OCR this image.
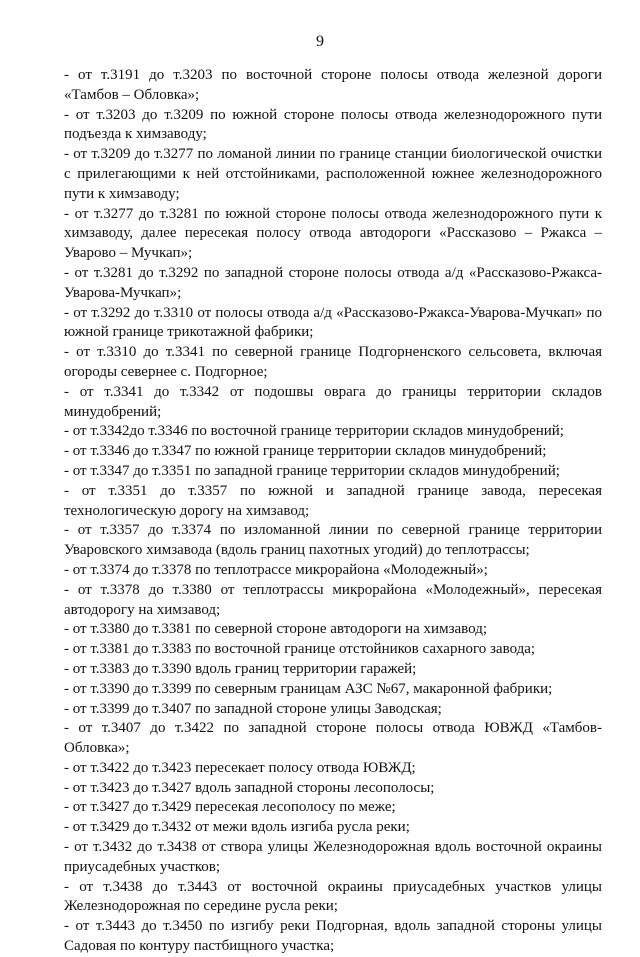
9

- от т.3191 до т.3203 по восточной стороне полосы отвода железной дороги «Тамбов – Обловка»;

- от т.3203 до т.3209 по южной стороне полосы отвода железнодорожного пути подъезда к химзаводу;

- от т.3209 до т.3277 по ломаной линии по границе станции биологической очистки с прилегающими к ней отстойниками, расположенной южнее железнодорожного пути к химзаводу;

- от т.3277 до т.3281 по южной стороне полосы отвода железнодорожного пути к химзаводу, далее пересекая полосу отвода автодороги «Рассказово – Ржакса – Уварово – Мучкап»;

- от т.3281 до т.3292 по западной стороне полосы отвода а/д «Рассказово-Ржакса-Уварова-Мучкап»;

- от т.3292 до т.3310 от полосы отвода а/д «Рассказово-Ржакса-Уварова-Мучкап» по южной границе трикотажной фабрики;

- от т.3310 до т.3341 по северной границе Подгорненского сельсовета, включая огороды севернее с. Подгорное;

- от т.3341 до т.3342 от подошвы оврага до границы территории складов минудобрений;

- от т.3342до т.3346 по восточной границе территории складов минудобрений;

- от т.3346 до т.3347 по южной границе территории складов минудобрений;

- от т.3347 до т.3351 по западной границе территории складов минудобрений;

- от т.3351 до т.3357 по южной и западной границе завода, пересекая технологическую дорогу на химзавод;

- от т.3357 до т.3374 по изломанной линии по северной границе территории Уваровского химзавода (вдоль границ пахотных угодий) до теплотрассы;

- от т.3374 до т.3378 по теплотрассе микрорайона «Молодежный»;

- от т.3378 до т.3380 от теплотрассы микрорайона «Молодежный», пересекая автодорогу на химзавод;

- от т.3380 до т.3381 по северной стороне автодороги на химзавод;

- от т.3381 до т.3383 по восточной границе отстойников сахарного завода;

- от т.3383 до т.3390 вдоль границ территории гаражей;

- от т.3390 до т.3399 по северным границам АЗС №67, макаронной фабрики;

- от т.3399 до т.3407 по западной стороне улицы Заводская;

- от т.3407 до т.3422 по западной стороне полосы отвода ЮВЖД «Тамбов-Обловка»;

- от т.3422 до т.3423 пересекает полосу отвода ЮВЖД;

- от т.3423 до т.3427 вдоль западной стороны лесополосы;

- от т.3427 до т.3429 пересекая лесополосу по меже;

- от т.3429 до т.3432 от межи вдоль изгиба русла реки;

- от т.3432 до т.3438 от створа улицы Железнодорожная вдоль восточной окраины приусадебных участков;

- от т.3438 до т.3443 от восточной окраины приусадебных участков улицы Железнодорожная по середине русла реки;

- от т.3443 до т.3450 по изгибу реки Подгорная, вдоль западной стороны улицы Садовая по контуру пастбищного участка;
